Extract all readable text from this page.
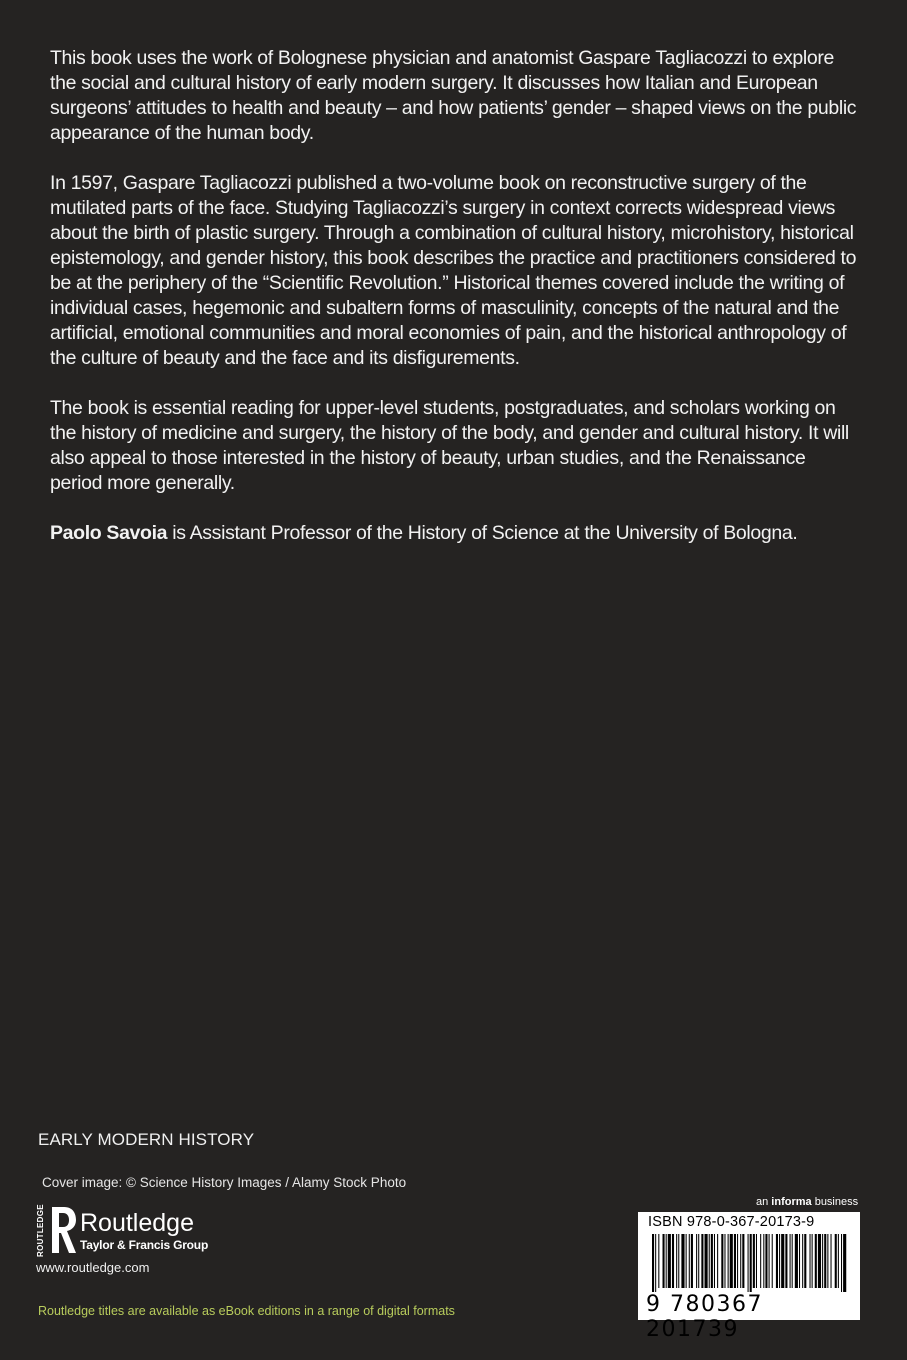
This book uses the work of Bolognese physician and anatomist Gaspare Tagliacozzi to explore the social and cultural history of early modern surgery. It discusses how Italian and European surgeons’ attitudes to health and beauty – and how patients’ gender – shaped views on the public appearance of the human body.

In 1597, Gaspare Tagliacozzi published a two-volume book on reconstructive surgery of the mutilated parts of the face. Studying Tagliacozzi’s surgery in context corrects widespread views about the birth of plastic surgery. Through a combination of cultural history, microhistory, historical epistemology, and gender history, this book describes the practice and practitioners considered to be at the periphery of the “Scientific Revolution.” Historical themes covered include the writing of individual cases, hegemonic and subaltern forms of masculinity, concepts of the natural and the artificial, emotional communities and moral economies of pain, and the historical anthropology of the culture of beauty and the face and its disfigurements.

The book is essential reading for upper-level students, postgraduates, and scholars working on the history of medicine and surgery, the history of the body, and gender and cultural history. It will also appeal to those interested in the history of beauty, urban studies, and the Renaissance period more generally.

Paolo Savoia is Assistant Professor of the History of Science at the University of Bologna.

EARLY MODERN HISTORY
Cover image: © Science History Images / Alamy Stock Photo
ROUTLEDGE Routledge
Taylor & Francis Group
www.routledge.com
Routledge titles are available as eBook editions in a range of digital formats
an informa business
ISBN 978-0-367-20173-9
9 780367 201739
